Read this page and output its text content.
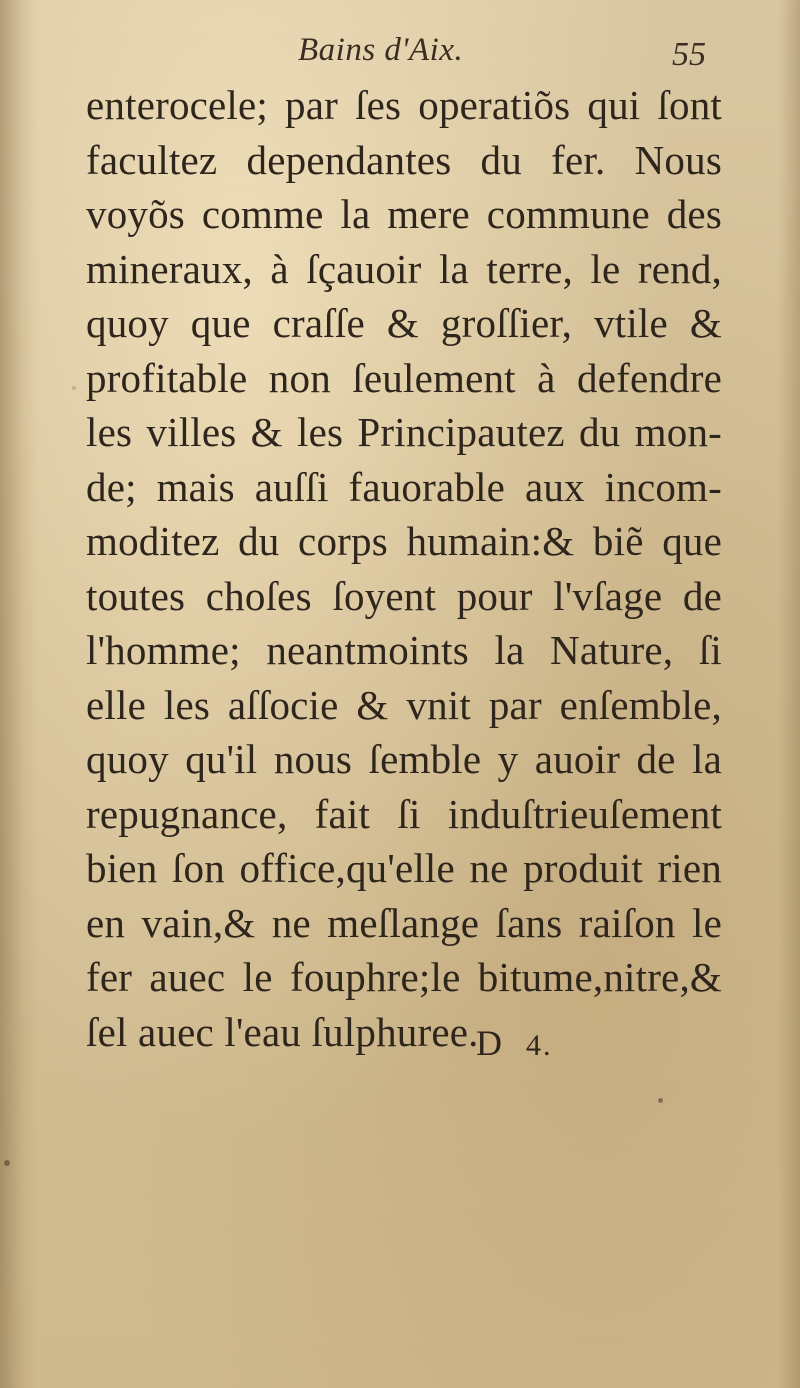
Bains d'Aix.	55
enterocele; par ſes operatiõs qui ſont
facultez dependantes du fer. Nous
voyõs comme la mere commune des
mineraux, à ſçauoir la terre, le rend,
quoy que craſſe & groſſier, vtile &
profitable non ſeulement à defendre
les villes & les Principautez du mon-
de; mais auſſi fauorable aux incom-
moditez du corps humain:& biẽ que
toutes choſes ſoyent pour l'vſage de
l'homme; neantmoints la Nature, ſi
elle les aſſocie & vnit par enſemble,
quoy qu'il nous ſemble y auoir de la
repugnance, fait ſi induſtrieuſement
bien ſon office,qu'elle ne produit rien
en vain,& ne meſlange ſans raiſon le
fer auec le fouphre;le bitume,nitre,&
ſel auec l'eau ſulphuree.
D 4.
